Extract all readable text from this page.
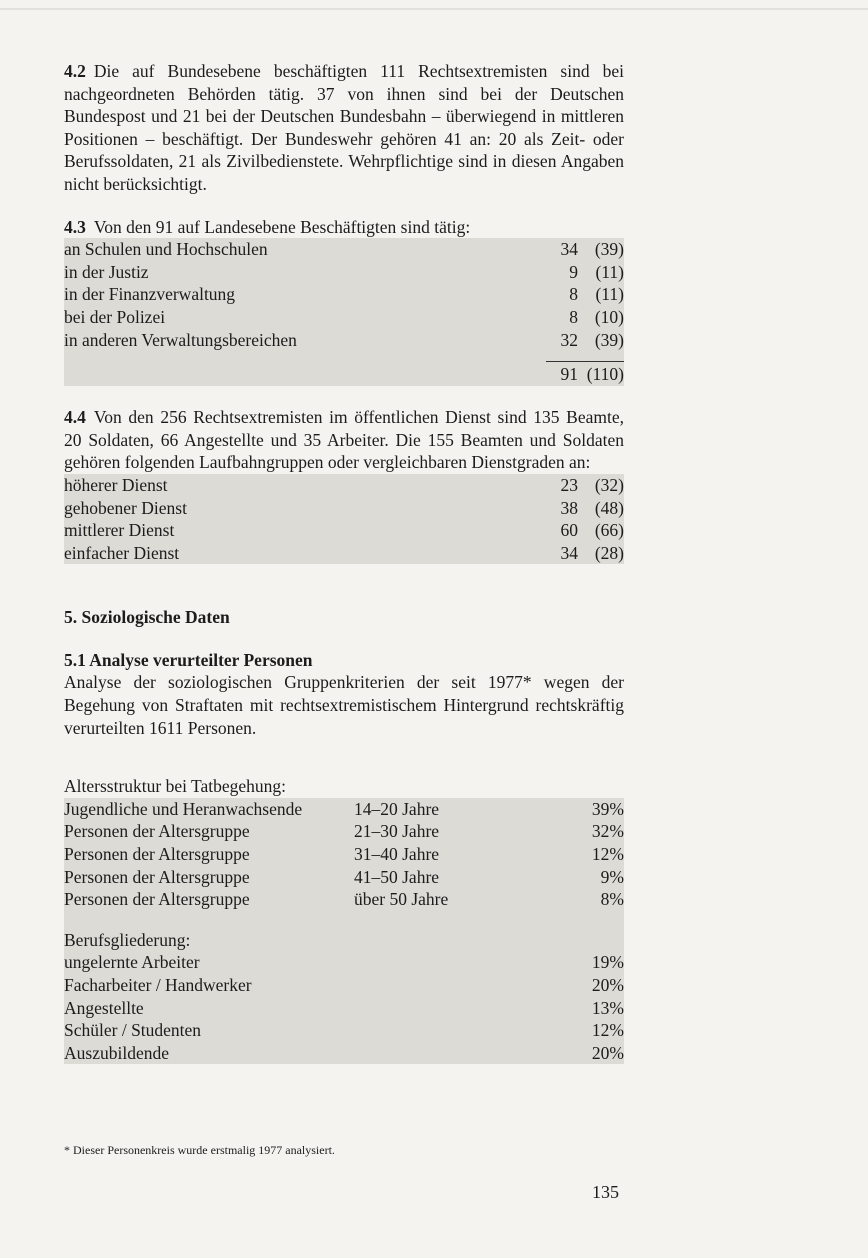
4.2 Die auf Bundesebene beschäftigten 111 Rechtsextremisten sind bei nachgeordneten Behörden tätig. 37 von ihnen sind bei der Deutschen Bundespost und 21 bei der Deutschen Bundesbahn – überwiegend in mittleren Positionen – beschäftigt. Der Bundeswehr gehören 41 an: 20 als Zeit- oder Berufssoldaten, 21 als Zivilbedienstete. Wehrpflichtige sind in diesen Angaben nicht berücksichtigt.

4.3 Von den 91 auf Landesebene Beschäftigten sind tätig:

an Schulen und Hochschulen	34 (39)
in der Justiz	9 (11)
in der Finanzverwaltung	8 (11)
bei der Polizei	8 (10)
in anderen Verwaltungsbereichen	32 (39)
91 (110)

4.4 Von den 256 Rechtsextremisten im öffentlichen Dienst sind 135 Beamte, 20 Soldaten, 66 Angestellte und 35 Arbeiter. Die 155 Beamten und Soldaten gehören folgenden Laufbahngruppen oder vergleichbaren Dienstgraden an:

höherer Dienst	23 (32)
gehobener Dienst	38 (48)
mittlerer Dienst	60 (66)
einfacher Dienst	34 (28)
5. Soziologische Daten
5.1 Analyse verurteilter Personen

Analyse der soziologischen Gruppenkriterien der seit 1977* wegen der Begehung von Straftaten mit rechtsextremistischem Hintergrund rechtskräftig verurteilten 1611 Personen.

Altersstruktur bei Tatbegehung:

Jugendliche und Heranwachsende	14–20 Jahre	39%
Personen der Altersgruppe	21–30 Jahre	32%
Personen der Altersgruppe	31–40 Jahre	12%
Personen der Altersgruppe	41–50 Jahre	9%
Personen der Altersgruppe	über 50 Jahre	8%

Berufsgliederung:

ungelernte Arbeiter	19%
Facharbeiter / Handwerker	20%
Angestellte	13%
Schüler / Studenten	12%
Auszubildende	20%
* Dieser Personenkreis wurde erstmalig 1977 analysiert.
135
